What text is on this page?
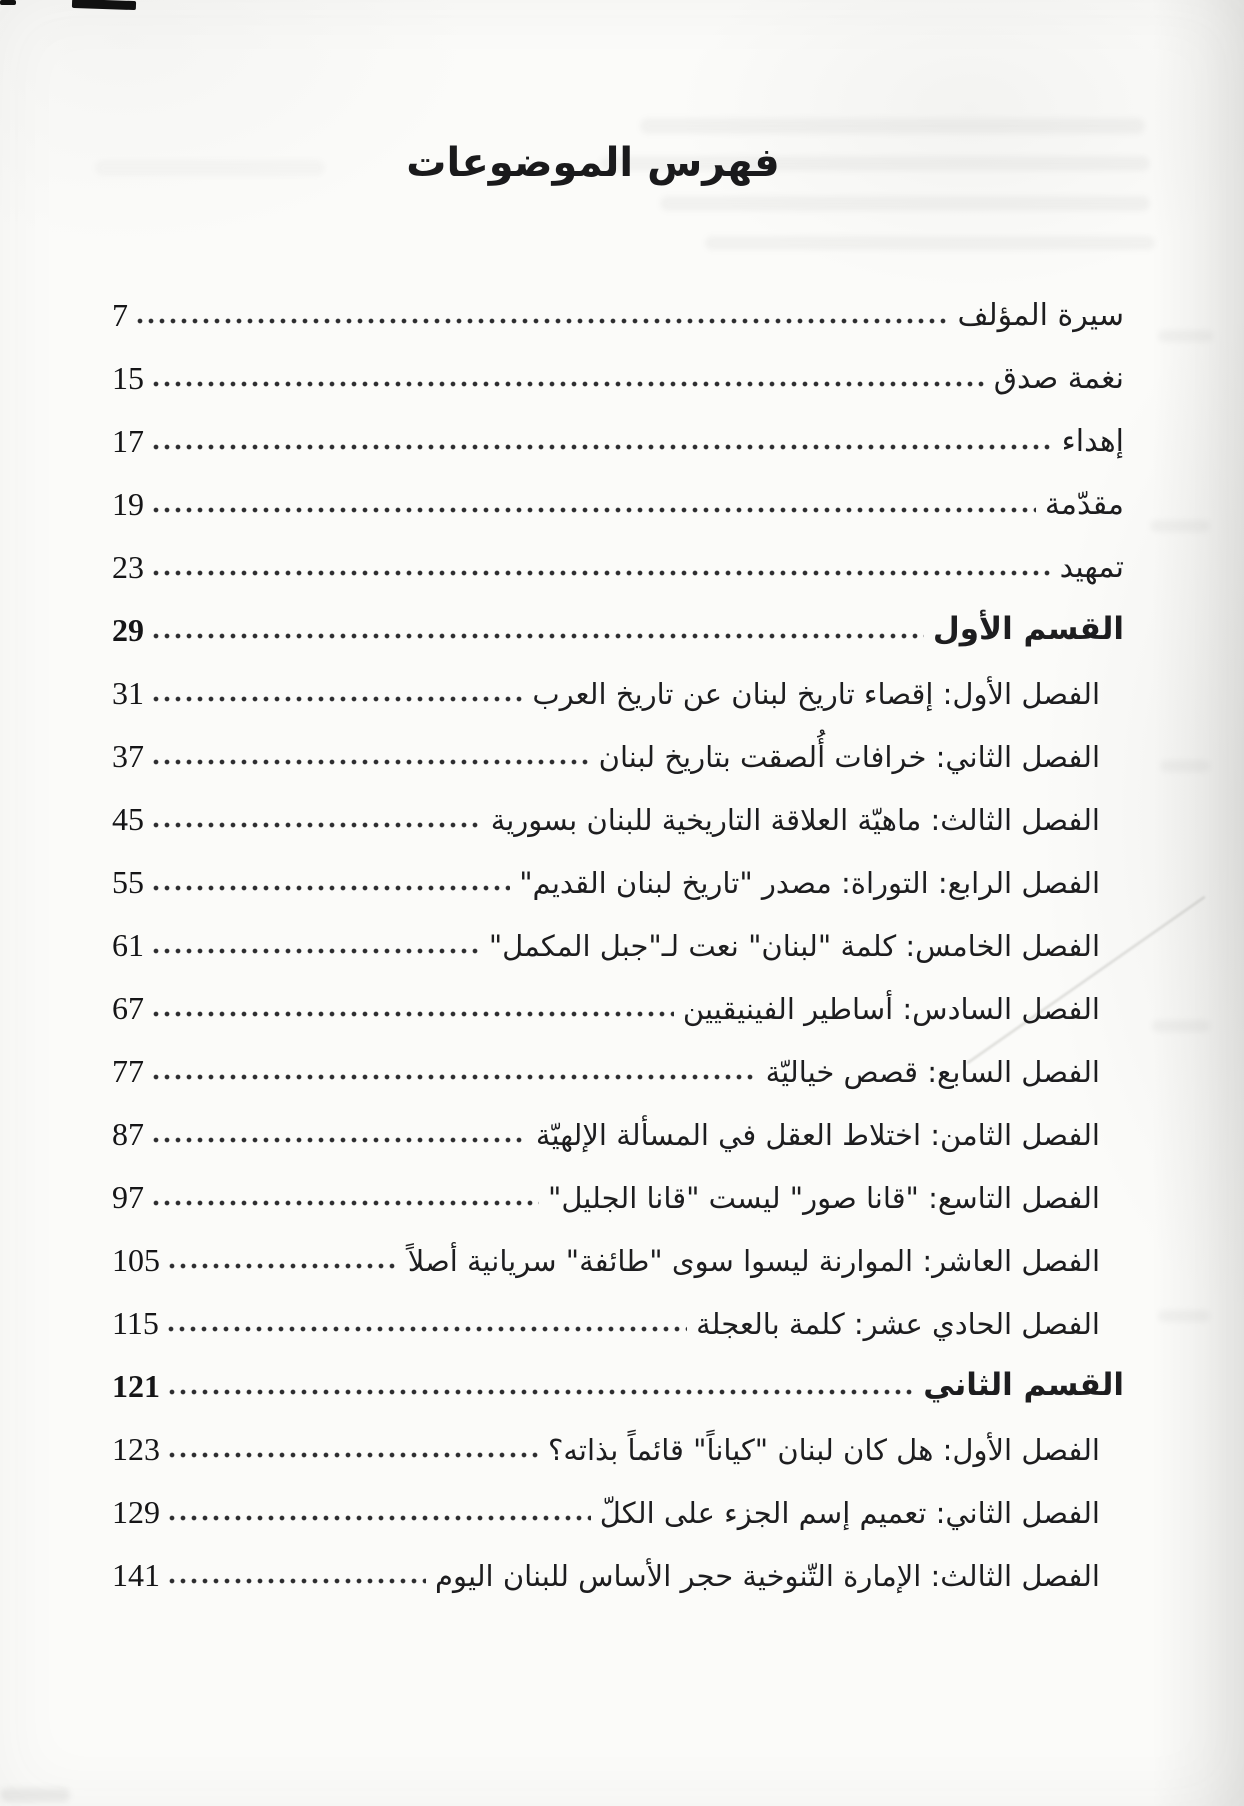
فهرس الموضوعات
سيرة المؤلف
7
نغمة صدق
15
إهداء
17
مقدّمة
19
تمهيد
23
القسم الأول
29
الفصل الأول: إقصاء تاريخ لبنان عن تاريخ العرب
31
الفصل الثاني: خرافات أُلصقت بتاريخ لبنان
37
الفصل الثالث: ماهيّة العلاقة التاريخية للبنان بسورية
45
الفصل الرابع: التوراة: مصدر "تاريخ لبنان القديم"
55
الفصل الخامس: كلمة "لبنان" نعت لـ"جبل المكمل"
61
الفصل السادس: أساطير الفينيقيين
67
الفصل السابع: قصص خياليّة
77
الفصل الثامن: اختلاط العقل في المسألة الإلهيّة
87
الفصل التاسع: "قانا صور" ليست "قانا الجليل"
97
الفصل العاشر: الموارنة ليسوا سوى "طائفة" سريانية أصلاً
105
الفصل الحادي عشر: كلمة بالعجلة
115
القسم الثاني
121
الفصل الأول: هل كان لبنان "كياناً" قائماً بذاته؟
123
الفصل الثاني: تعميم إسم الجزء على الكلّ
129
الفصل الثالث: الإمارة التّنوخية حجر الأساس للبنان اليوم
141
